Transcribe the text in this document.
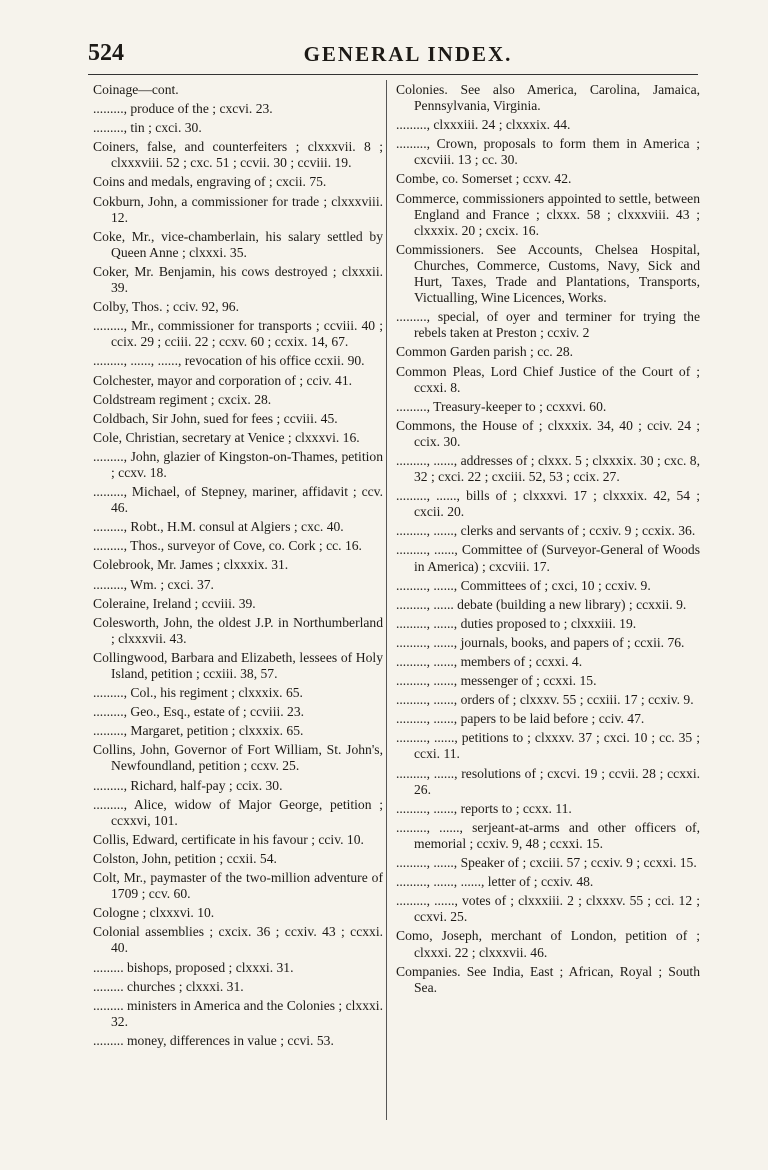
524	GENERAL INDEX.
Coinage—cont.
........., produce of the ; cxcvi. 23.
........., tin ; cxci. 30.
Coiners, false, and counterfeiters ; clxxxvii. 8 ; clxxxviii. 52 ; cxc. 51 ; ccvii. 30 ; ccviii. 19.
Coins and medals, engraving of ; cxcii. 75.
Cokburn, John, a commissioner for trade ; clxxxviii. 12.
Coke, Mr., vice-chamberlain, his salary settled by Queen Anne ; clxxxi. 35.
Coker, Mr. Benjamin, his cows destroyed ; clxxxii. 39.
Colby, Thos. ; cciv. 92, 96.
........., Mr., commissioner for transports ; ccviii. 40 ; ccix. 29 ; cciii. 22 ; ccxv. 60 ; ccxix. 14, 67.
........., ......, ......, revocation of his office ccxii. 90.
Colchester, mayor and corporation of ; cciv. 41.
Coldstream regiment ; cxcix. 28.
Coldbach, Sir John, sued for fees ; ccviii. 45.
Cole, Christian, secretary at Venice ; clxxxvi. 16.
........., John, glazier of Kingston-on-Thames, petition ; ccxv. 18.
........., Michael, of Stepney, mariner, affidavit ; ccv. 46.
........., Robt., H.M. consul at Algiers ; cxc. 40.
........., Thos., surveyor of Cove, co. Cork ; cc. 16.
Colebrook, Mr. James ; clxxxix. 31.
........., Wm. ; cxci. 37.
Coleraine, Ireland ; ccviii. 39.
Colesworth, John, the oldest J.P. in Northumberland ; clxxxvii. 43.
Collingwood, Barbara and Elizabeth, lessees of Holy Island, petition ; ccxiii. 38, 57.
........., Col., his regiment ; clxxxix. 65.
........., Geo., Esq., estate of ; ccviii. 23.
........., Margaret, petition ; clxxxix. 65.
Collins, John, Governor of Fort William, St. John's, Newfoundland, petition ; ccxv. 25.
........., Richard, half-pay ; ccix. 30.
........., Alice, widow of Major George, petition ; ccxxvi, 101.
Collis, Edward, certificate in his favour ; cciv. 10.
Colston, John, petition ; ccxii. 54.
Colt, Mr., paymaster of the two-million adventure of 1709 ; ccv. 60.
Cologne ; clxxxvi. 10.
Colonial assemblies ; cxcix. 36 ; ccxiv. 43 ; ccxxi. 40.
......... bishops, proposed ; clxxxi. 31.
......... churches ; clxxxi. 31.
......... ministers in America and the Colonies ; clxxxi. 32.
......... money, differences in value ; ccvi. 53.
Colonies. See also America, Carolina, Jamaica, Pennsylvania, Virginia.
........., clxxxiii. 24 ; clxxxix. 44.
........., Crown, proposals to form them in America ; cxcviii. 13 ; cc. 30.
Combe, co. Somerset ; ccxv. 42.
Commerce, commissioners appointed to settle, between England and France ; clxxx. 58 ; clxxxviii. 43 ; clxxxix. 20 ; cxcix. 16.
Commissioners. See Accounts, Chelsea Hospital, Churches, Commerce, Customs, Navy, Sick and Hurt, Taxes, Trade and Plantations, Transports, Victualling, Wine Licences, Works.
........., special, of oyer and terminer for trying the rebels taken at Preston ; ccxiv. 2
Common Garden parish ; cc. 28.
Common Pleas, Lord Chief Justice of the Court of ; ccxxi. 8.
........., Treasury-keeper to ; ccxxvi. 60.
Commons, the House of ; clxxxix. 34, 40 ; cciv. 24 ; ccix. 30.
........., ......, addresses of ; clxxx. 5 ; clxxxix. 30 ; cxc. 8, 32 ; cxci. 22 ; cxciii. 52, 53 ; ccix. 27.
........., ......, bills of ; clxxxvi. 17 ; clxxxix. 42, 54 ; cxcii. 20.
........., ......, clerks and servants of ; ccxiv. 9 ; ccxix. 36.
........., ......, Committee of (Surveyor-General of Woods in America) ; cxcviii. 17.
........., ......, Committees of ; cxci, 10 ; ccxiv. 9.
........., ...... debate (building a new library) ; ccxxii. 9.
........., ......, duties proposed to ; clxxxiii. 19.
........., ......, journals, books, and papers of ; ccxii. 76.
........., ......, members of ; ccxxi. 4.
........., ......, messenger of ; ccxxi. 15.
........., ......, orders of ; clxxxv. 55 ; ccxiii. 17 ; ccxiv. 9.
........., ......, papers to be laid before ; cciv. 47.
........., ......, petitions to ; clxxxv. 37 ; cxci. 10 ; cc. 35 ; ccxi. 11.
........., ......, resolutions of ; cxcvi. 19 ; ccvii. 28 ; ccxxi. 26.
........., ......, reports to ; ccxx. 11.
........., ......, serjeant-at-arms and other officers of, memorial ; ccxiv. 9, 48 ; ccxxi. 15.
........., ......, Speaker of ; cxciii. 57 ; ccxiv. 9 ; ccxxi. 15.
........., ......, ......, letter of ; ccxiv. 48.
........., ......, votes of ; clxxxiii. 2 ; clxxxv. 55 ; cci. 12 ; ccxvi. 25.
Como, Joseph, merchant of London, petition of ; clxxxi. 22 ; clxxxvii. 46.
Companies. See India, East ; African, Royal ; South Sea.
